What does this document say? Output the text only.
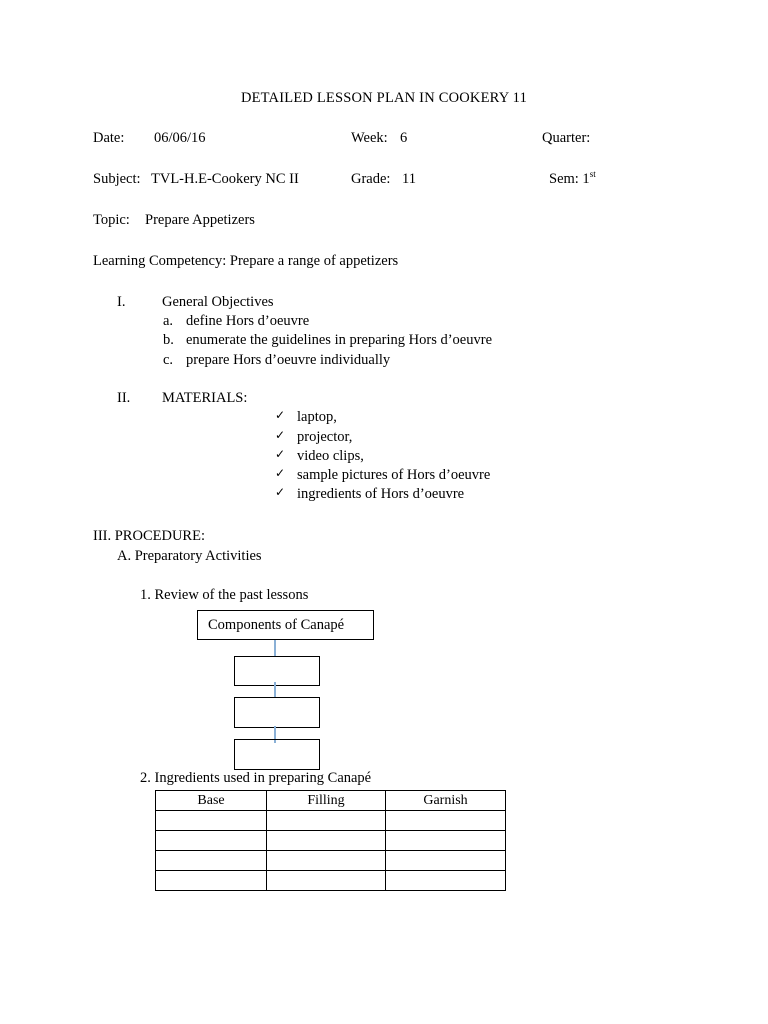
DETAILED LESSON PLAN IN COOKERY 11
Date: 06/06/16	Week: 6	Quarter:
Subject: TVL-H.E-Cookery NC II	Grade: 11	Sem: 1st
Topic: Prepare Appetizers
Learning Competency: Prepare a range of appetizers
I.	General Objectives
a. define Hors d’oeuvre
b. enumerate the guidelines in preparing Hors d’oeuvre
c. prepare Hors d’oeuvre individually
II. MATERIALS:
✓ laptop,
✓ projector,
✓ video clips,
✓ sample pictures of Hors d’oeuvre
✓ ingredients of Hors d’oeuvre
III. PROCEDURE:
A. Preparatory Activities
1. Review of the past lessons
Components of Canapé
2. Ingredients used in preparing Canapé
Base	Filling	Garnish
